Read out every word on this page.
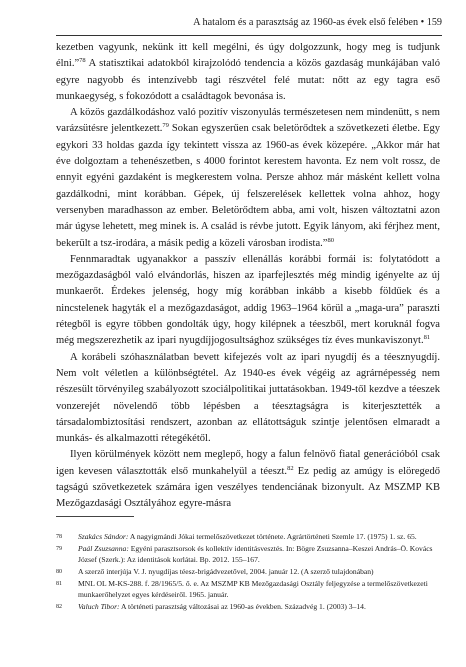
A hatalom és a parasztság az 1960-as évek első felében • 159

kezetben vagyunk, nekünk itt kell megélni, és úgy dolgozzunk, hogy meg is tudjunk élni.”$^{78}$ A statisztikai adatokból kirajzolódó tendencia a közös gazdaság munkájában való egyre nagyobb és intenzívebb tagi részvétel felé mutat: nőtt az egy tagra eső munkaegység, s fokozódott a családtagok bevonása is.

A közös gazdálkodáshoz való pozitív viszonyulás természetesen nem mindenütt, s nem varázsütésre jelentkezett.$^{79}$ Sokan egyszerűen csak beletörődtek a szövetkezeti életbe. Egy egykori 33 holdas gazda így tekintett vissza az 1960-as évek közepére. „Akkor már hat éve dolgoztam a tehenészetben, s 4000 forintot kerestem havonta. Ez nem volt rossz, de ennyit egyéni gazdaként is megkerestem volna. Persze ahhoz már másként kellett volna gazdálkodni, mint korábban. Gépek, új felszerelések kellettek volna ahhoz, hogy versenyben maradhasson az ember. Beletörődtem abba, ami volt, hiszen változtatni azon már úgyse lehetett, meg minek is. A család is révbe jutott. Egyik lányom, aki férjhez ment, bekerült a tsz-irodára, a másik pedig a közeli városban irodista.”$^{80}$

Fennmaradtak ugyanakkor a passzív ellenállás korábbi formái is: folytatódott a mezőgazdaságból való elvándorlás, hiszen az iparfejlesztés még mindig igényelte az új munkaerőt. Érdekes jelenség, hogy míg korábban inkább a kisebb földűek és a nincstelenek hagyták el a mezőgazdaságot, addig 1963–1964 körül a „maga-ura” paraszti rétegből is egyre többen gondolták úgy, hogy kilépnek a téeszből, mert koruknál fogva még megszerezhetik az ipari nyugdíjjogosultsághoz szükséges tíz éves munkaviszonyt.$^{81}$

A korábeli szóhasználatban bevett kifejezés volt az ipari nyugdíj és a téesznyugdíj. Nem volt véletlen a különbségtétel. Az 1940-es évek végéig az agrárnépesség nem részesült törvényileg szabályozott szociálpolitikai juttatásokban. 1949-től kezdve a téeszek vonzerejét növelendő több lépésben a téesztagságra is kiterjesztették a társadalombiztosítási rendszert, azonban az ellátottságuk szintje jelentősen elmaradt a munkás- és alkalmazotti rétegékétől.

Ilyen körülmények között nem meglepő, hogy a falun felnövő fiatal generációból csak igen kevesen választották első munkahelyül a téeszt.$^{82}$ Ez pedig az amúgy is elöregedő tagságú szövetkezetek számára igen veszélyes tendenciának bizonyult. Az MSZMP KB Mezőgazdasági Osztályához egyre-másra

78 Szakács Sándor: A nagyigmándi Jókai termelőszövetkezet története. Agrártörténeti Szemle 17. (1975) 1. sz. 65.
79 Paál Zsuzsanna: Egyéni parasztsorsok és kollektív identitásvesztés. In: Bögre Zsuzsanna–Keszei András–Ö. Kovács József (Szerk.): Az identitások korlátai. Bp. 2012. 155–167.
80 A szerző interjúja V. J. nyugdíjas téesz-brigádvezetővel, 2004. január 12. (A szerző tulajdonában)
81 MNL OL M-KS-288. f. 28/1965/5. ő. e. Az MSZMP KB Mezőgazdasági Osztály feljegyzése a termelőszövetkezeti munkaerőhelyzet egyes kérdéseiről. 1965. január.
82 Valuch Tibor: A történeti parasztság változásai az 1960-as években. Századvég 1. (2003) 3–14.
